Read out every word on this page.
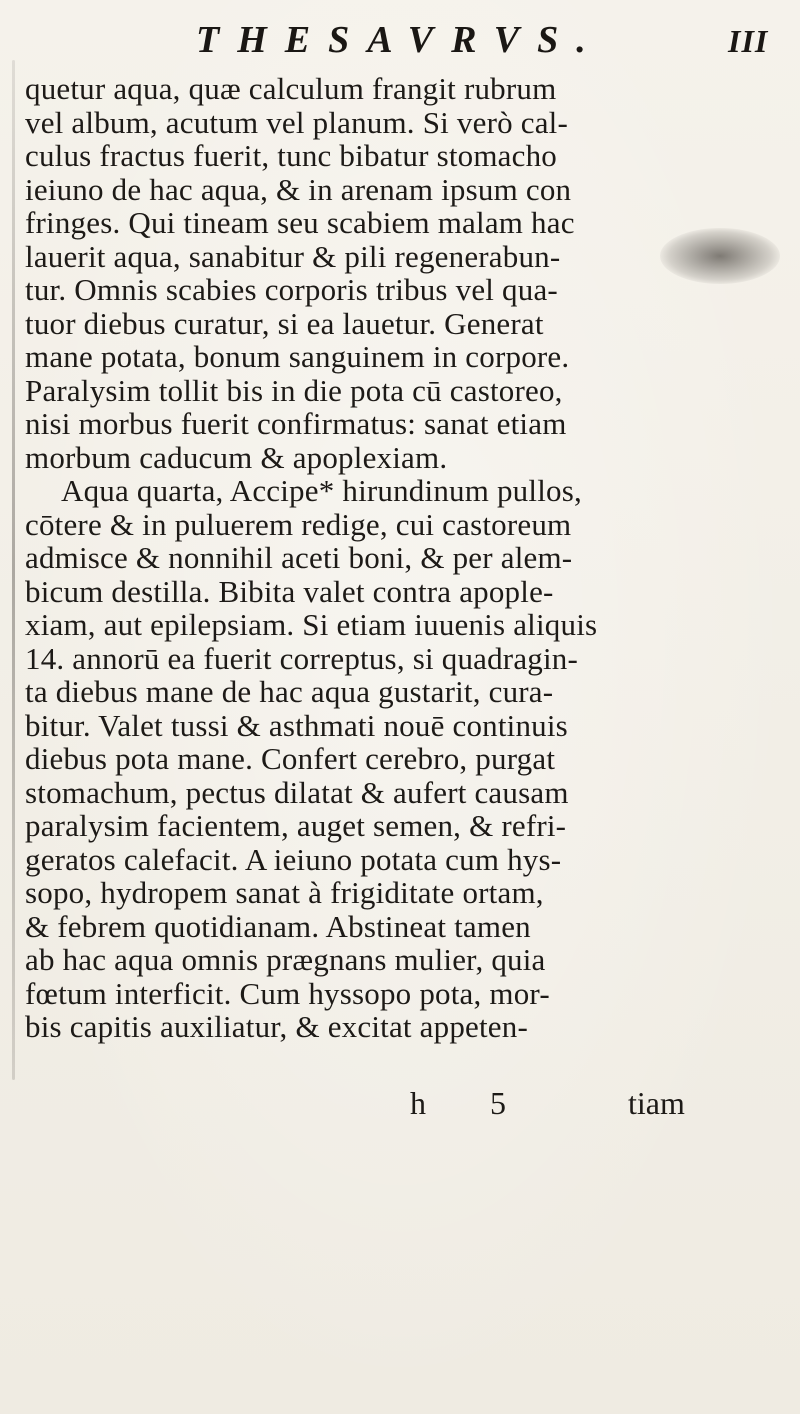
THESAVRVS.	III
quetur aqua, quæ calculum frangit rubrum
vel album, acutum vel planum. Si verò cal-
culus fractus fuerit, tunc bibatur stomacho
ieiuno de hac aqua, & in arenam ipsum con
fringes. Qui tineam seu scabiem malam hac
lauerit aqua, sanabitur & pili regenerabun-
tur. Omnis scabies corporis tribus vel qua-
tuor diebus curatur, si ea lauetur. Generat
mane potata, bonum sanguinem in corpore.
Paralysim tollit bis in die pota cū castoreo,
nisi morbus fuerit confirmatus: sanat etiam
morbum caducum & apoplexiam.
Aqua quarta, Accipe* hirundinum pullos,
cōtere & in puluerem redige, cui castoreum
admisce & nonnihil aceti boni, & per alem-
bicum destilla. Bibita valet contra apople-
xiam, aut epilepsiam. Si etiam iuuenis aliquis
14. annorū ea fuerit correptus, si quadragin-
ta diebus mane de hac aqua gustarit, cura-
bitur. Valet tussi & asthmati nouē continuis
diebus pota mane. Confert cerebro, purgat
stomachum, pectus dilatat & aufert causam
paralysim facientem, auget semen, & refri-
geratos calefacit. A ieiuno potata cum hys-
sopo, hydropem sanat à frigiditate ortam,
& febrem quotidianam. Abstineat tamen
ab hac aqua omnis prægnans mulier, quia
fœtum interficit. Cum hyssopo pota, mor-
bis capitis auxiliatur, & excitat appeten-
h 5	tiam
